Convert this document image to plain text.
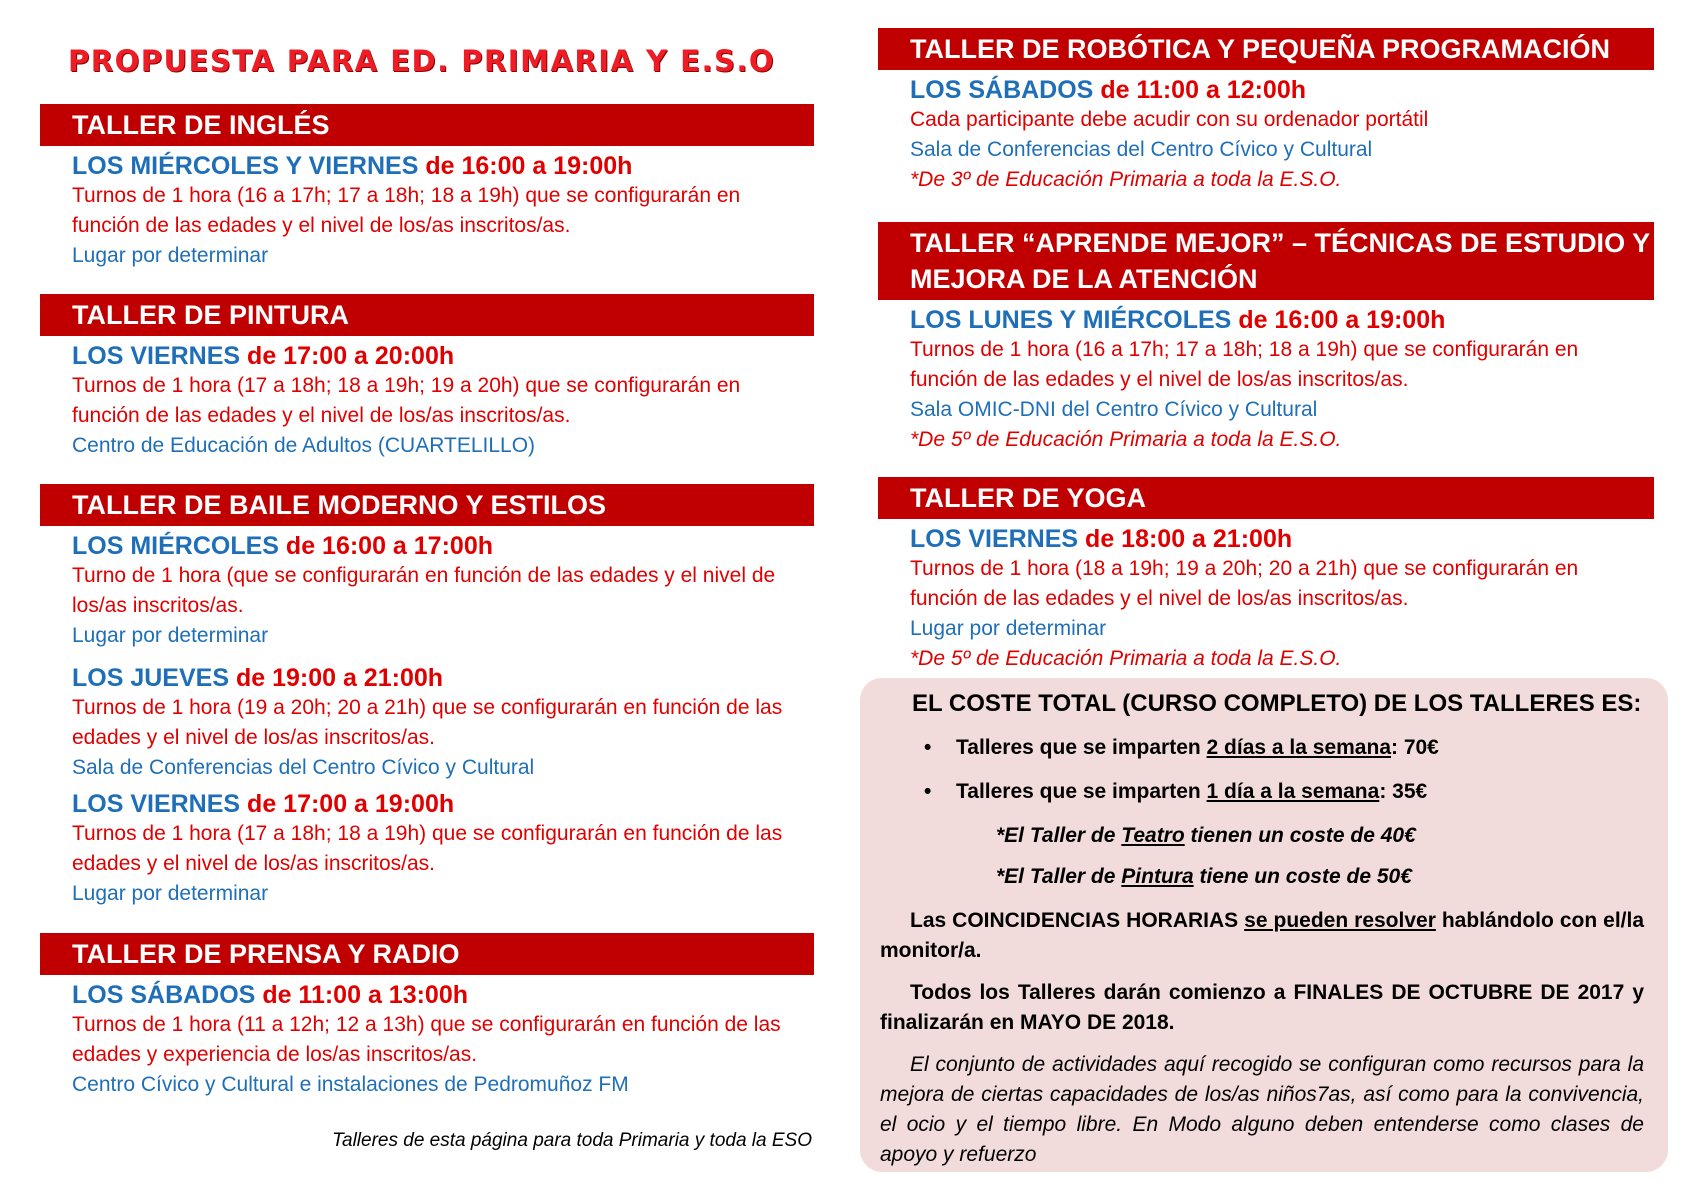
PROPUESTA PARA ED. PRIMARIA Y E.S.O
TALLER DE INGLÉS
LOS MIÉRCOLES Y VIERNES de 16:00 a 19:00h
Turnos de 1 hora (16 a 17h; 17 a 18h; 18 a 19h) que se configurarán en
función de las edades y el nivel de los/as inscritos/as.
Lugar por determinar
TALLER DE PINTURA
LOS VIERNES de 17:00 a 20:00h
Turnos de 1 hora (17 a 18h; 18 a 19h; 19 a 20h) que se configurarán en
función de las edades y el nivel de los/as inscritos/as.
Centro de Educación de Adultos (CUARTELILLO)
TALLER DE BAILE MODERNO Y ESTILOS
LOS MIÉRCOLES de 16:00 a 17:00h
Turno de 1 hora (que se configurarán en función de las edades y el nivel de
los/as inscritos/as.
Lugar por determinar
LOS JUEVES de 19:00 a 21:00h
Turnos de 1 hora (19 a 20h; 20 a 21h) que se configurarán en función de las
edades y el nivel de los/as inscritos/as.
Sala de Conferencias del Centro Cívico y Cultural
LOS VIERNES de 17:00 a 19:00h
Turnos de 1 hora (17 a 18h; 18 a 19h) que se configurarán en función de las
edades y el nivel de los/as inscritos/as.
Lugar por determinar
TALLER DE PRENSA Y RADIO
LOS SÁBADOS de 11:00 a 13:00h
Turnos de 1 hora (11 a 12h; 12 a 13h) que se configurarán en función de las
edades y experiencia de los/as inscritos/as.
Centro Cívico y Cultural e instalaciones de Pedromuñoz FM
Talleres de esta página para toda Primaria y toda la ESO
TALLER DE ROBÓTICA Y PEQUEÑA PROGRAMACIÓN
LOS SÁBADOS de 11:00 a 12:00h
Cada participante debe acudir con su ordenador portátil
Sala de Conferencias del Centro Cívico y Cultural
*De 3º de Educación Primaria a toda la E.S.O.
TALLER “APRENDE MEJOR” – TÉCNICAS DE ESTUDIO Y
MEJORA DE LA ATENCIÓN
LOS LUNES Y MIÉRCOLES de 16:00 a 19:00h
Turnos de 1 hora (16 a 17h; 17 a 18h; 18 a 19h) que se configurarán en
función de las edades y el nivel de los/as inscritos/as.
Sala OMIC-DNI del Centro Cívico y Cultural
*De 5º de Educación Primaria a toda la E.S.O.
TALLER DE YOGA
LOS VIERNES de 18:00 a 21:00h
Turnos de 1 hora (18 a 19h; 19 a 20h; 20 a 21h) que se configurarán en
función de las edades y el nivel de los/as inscritos/as.
Lugar por determinar
*De 5º de Educación Primaria a toda la E.S.O.
EL COSTE TOTAL (CURSO COMPLETO) DE LOS TALLERES ES:
• Talleres que se imparten 2 días a la semana: 70€
• Talleres que se imparten 1 día a la semana: 35€
*El Taller de Teatro tienen un coste de 40€
*El Taller de Pintura tiene un coste de 50€
Las COINCIDENCIAS HORARIAS se pueden resolver hablándolo con el/la monitor/a.
Todos los Talleres darán comienzo a FINALES DE OCTUBRE DE 2017 y finalizarán en MAYO DE 2018.
El conjunto de actividades aquí recogido se configuran como recursos para la mejora de ciertas capacidades de los/as niños7as, así como para la convivencia, el ocio y el tiempo libre. En Modo alguno deben entenderse como clases de apoyo y refuerzo
